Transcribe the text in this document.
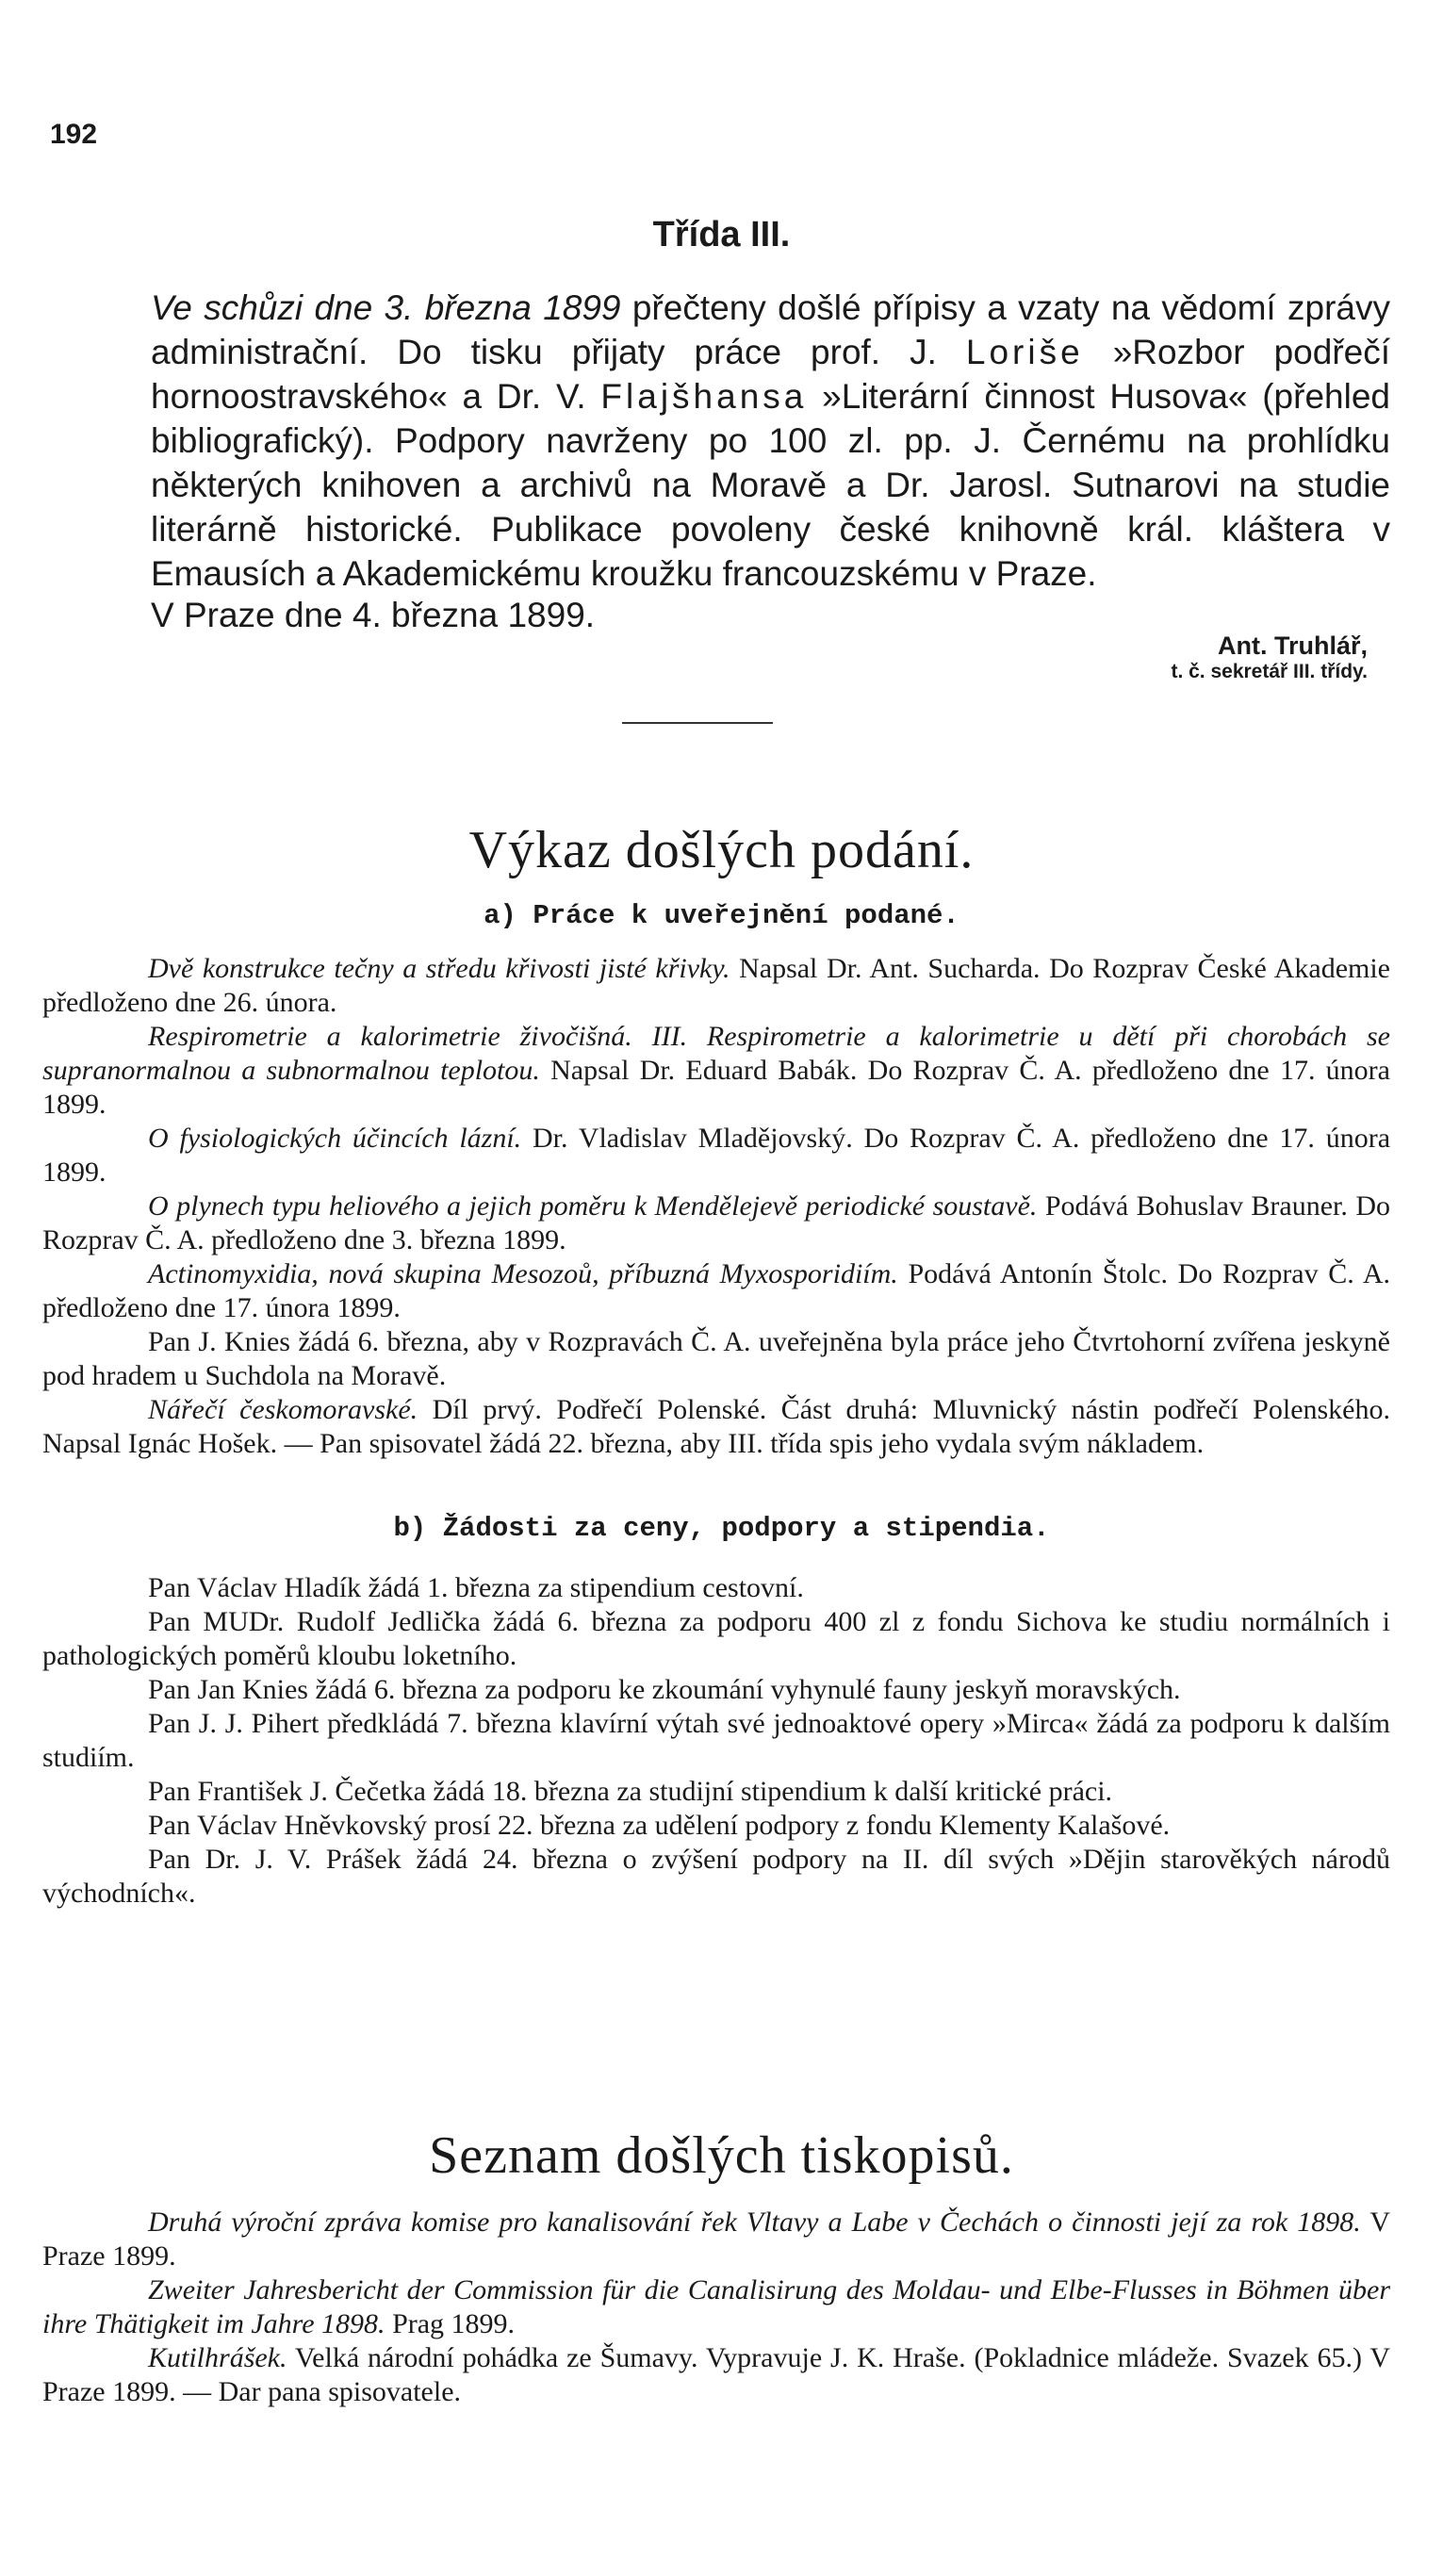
192
Třída III.

Ve schůzi dne 3. března 1899 přečteny došlé přípisy a vzaty na vědomí zprávy administrační. Do tisku přijaty práce prof. J. Loriše »Rozbor podřečí hornoostravského« a Dr. V. Flajšhansa »Literární činnost Husova« (přehled bibliografický). Podpory navrženy po 100 zl. pp. J. Černému na prohlídku některých knihoven a archivů na Moravě a Dr. Jarosl. Sutnarovi na studie literárně historické. Publikace povoleny české knihovně král. kláštera v Emausích a Akademickému kroužku francouzskému v Praze.

V Praze dne 4. března 1899.

Ant. Truhlář,
t. č. sekretář III. třídy.
Výkaz došlých podání.
a) Práce k uveřejnění podané.
Dvě konstrukce tečny a středu křivosti jisté křivky. Napsal Dr. Ant. Sucharda. Do Rozprav České Akademie předloženo dne 26. února.
Respirometrie a kalorimetrie živočišná. III. Respirometrie a kalorimetrie u dětí při chorobách se supranormalnou a subnormalnou teplotou. Napsal Dr. Eduard Babák. Do Rozprav Č. A. předloženo dne 17. února 1899.
O fysiologických účincích lázní. Dr. Vladislav Mladějovský. Do Rozprav Č. A. předloženo dne 17. února 1899.
O plynech typu heliového a jejich poměru k Mendělejevě periodické soustavě. Podává Bohuslav Brauner. Do Rozprav Č. A. předloženo dne 3. března 1899.
Actinomyxidia, nová skupina Mesozoů, příbuzná Myxosporidiím. Podává Antonín Štolc. Do Rozprav Č. A. předloženo dne 17. února 1899.
Pan J. Knies žádá 6. března, aby v Rozpravách Č. A. uveřejněna byla práce jeho Čtvrtohorní zvířena jeskyně pod hradem u Suchdola na Moravě.
Nářečí českomoravské. Díl prvý. Podřečí Polenské. Část druhá: Mluvnický nástin podřečí Polenského. Napsal Ignác Hošek. — Pan spisovatel žádá 22. března, aby III. třída spis jeho vydala svým nákladem.
b) Žádosti za ceny, podpory a stipendia.
Pan Václav Hladík žádá 1. března za stipendium cestovní.
Pan MUDr. Rudolf Jedlička žádá 6. března za podporu 400 zl z fondu Sichova ke studiu normálních i pathologických poměrů kloubu loketního.
Pan Jan Knies žádá 6. března za podporu ke zkoumání vyhynulé fauny jeskyň moravských.
Pan J. J. Pihert předkládá 7. března klavírní výtah své jednoaktové opery »Mirca« žádá za podporu k dalším studiím.
Pan František J. Čečetka žádá 18. března za studijní stipendium k další kritické práci.
Pan Václav Hněvkovský prosí 22. března za udělení podpory z fondu Klementy Kalašové.
Pan Dr. J. V. Prášek žádá 24. března o zvýšení podpory na II. díl svých »Dějin starověkých národů východních«.
Seznam došlých tiskopisů.
Druhá výroční zpráva komise pro kanalisování řek Vltavy a Labe v Čechách o činnosti její za rok 1898. V Praze 1899.
Zweiter Jahresbericht der Commission für die Canalisirung des Moldau- und Elbe-Flusses in Böhmen über ihre Thätigkeit im Jahre 1898. Prag 1899.
Kutilhrášek. Velká národní pohádka ze Šumavy. Vypravuje J. K. Hraše. (Pokladnice mládeže. Svazek 65.) V Praze 1899. — Dar pana spisovatele.
